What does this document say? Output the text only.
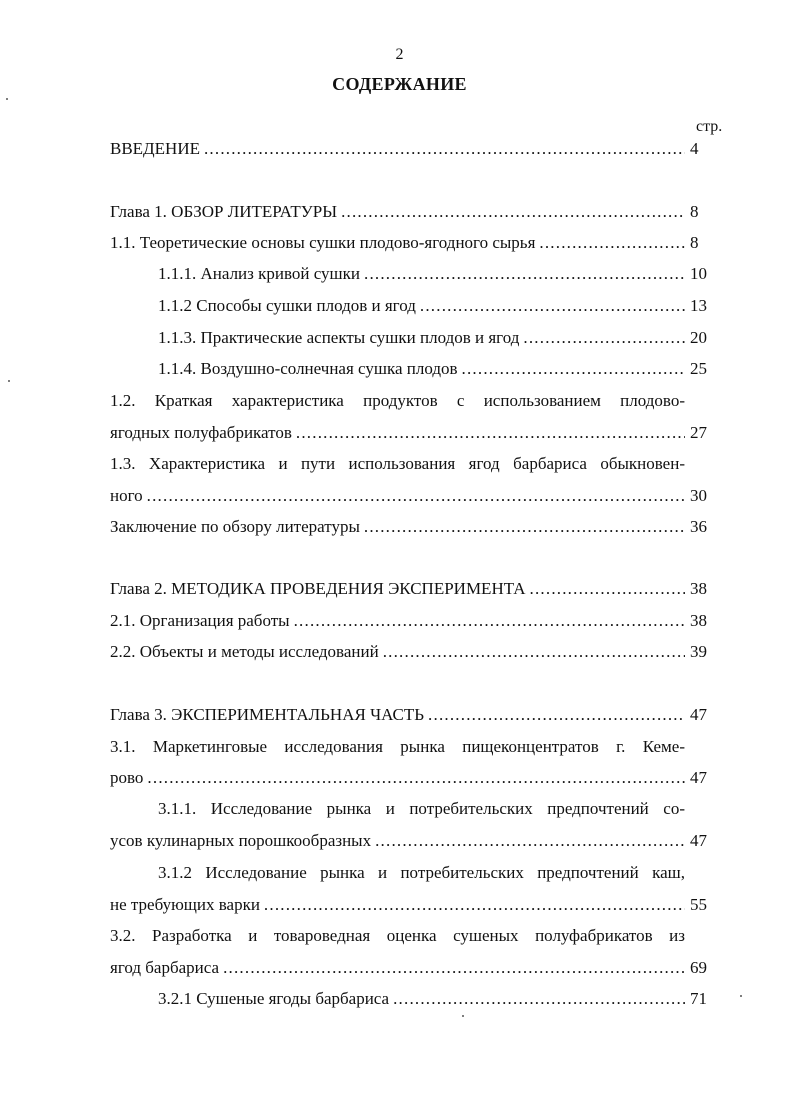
2
СОДЕРЖАНИЕ
стр.
ВВЕДЕНИЕ .....	4
Глава 1. ОБЗОР ЛИТЕРАТУРЫ .....	8
1.1. Теоретические основы сушки плодово-ягодного сырья .....	8
1.1.1. Анализ кривой сушки .....	10
1.1.2 Способы сушки плодов и ягод .....	13
1.1.3. Практические аспекты сушки плодов и ягод .....	20
1.1.4. Воздушно-солнечная сушка плодов .....	25
1.2. Краткая характеристика продуктов с использованием плодово-
ягодных полуфабрикатов .....	27
1.3. Характеристика и пути использования ягод барбариса обыкновен-
ного .....	30
Заключение по обзору литературы .....	36
Глава 2. МЕТОДИКА ПРОВЕДЕНИЯ ЭКСПЕРИМЕНТА .....	38
2.1. Организация работы .....	38
2.2. Объекты и методы исследований .....	39
Глава 3. ЭКСПЕРИМЕНТАЛЬНАЯ ЧАСТЬ .....	47
3.1. Маркетинговые исследования рынка пищеконцентратов г. Кеме-
рово .....	47
3.1.1. Исследование рынка и потребительских предпочтений со-
усов кулинарных порошкообразных .....	47
3.1.2 Исследование рынка и потребительских предпочтений каш,
не требующих варки .....	55
3.2. Разработка и товароведная оценка сушеных полуфабрикатов из
ягод барбариса .....	69
3.2.1 Сушеные ягоды барбариса .....	71
